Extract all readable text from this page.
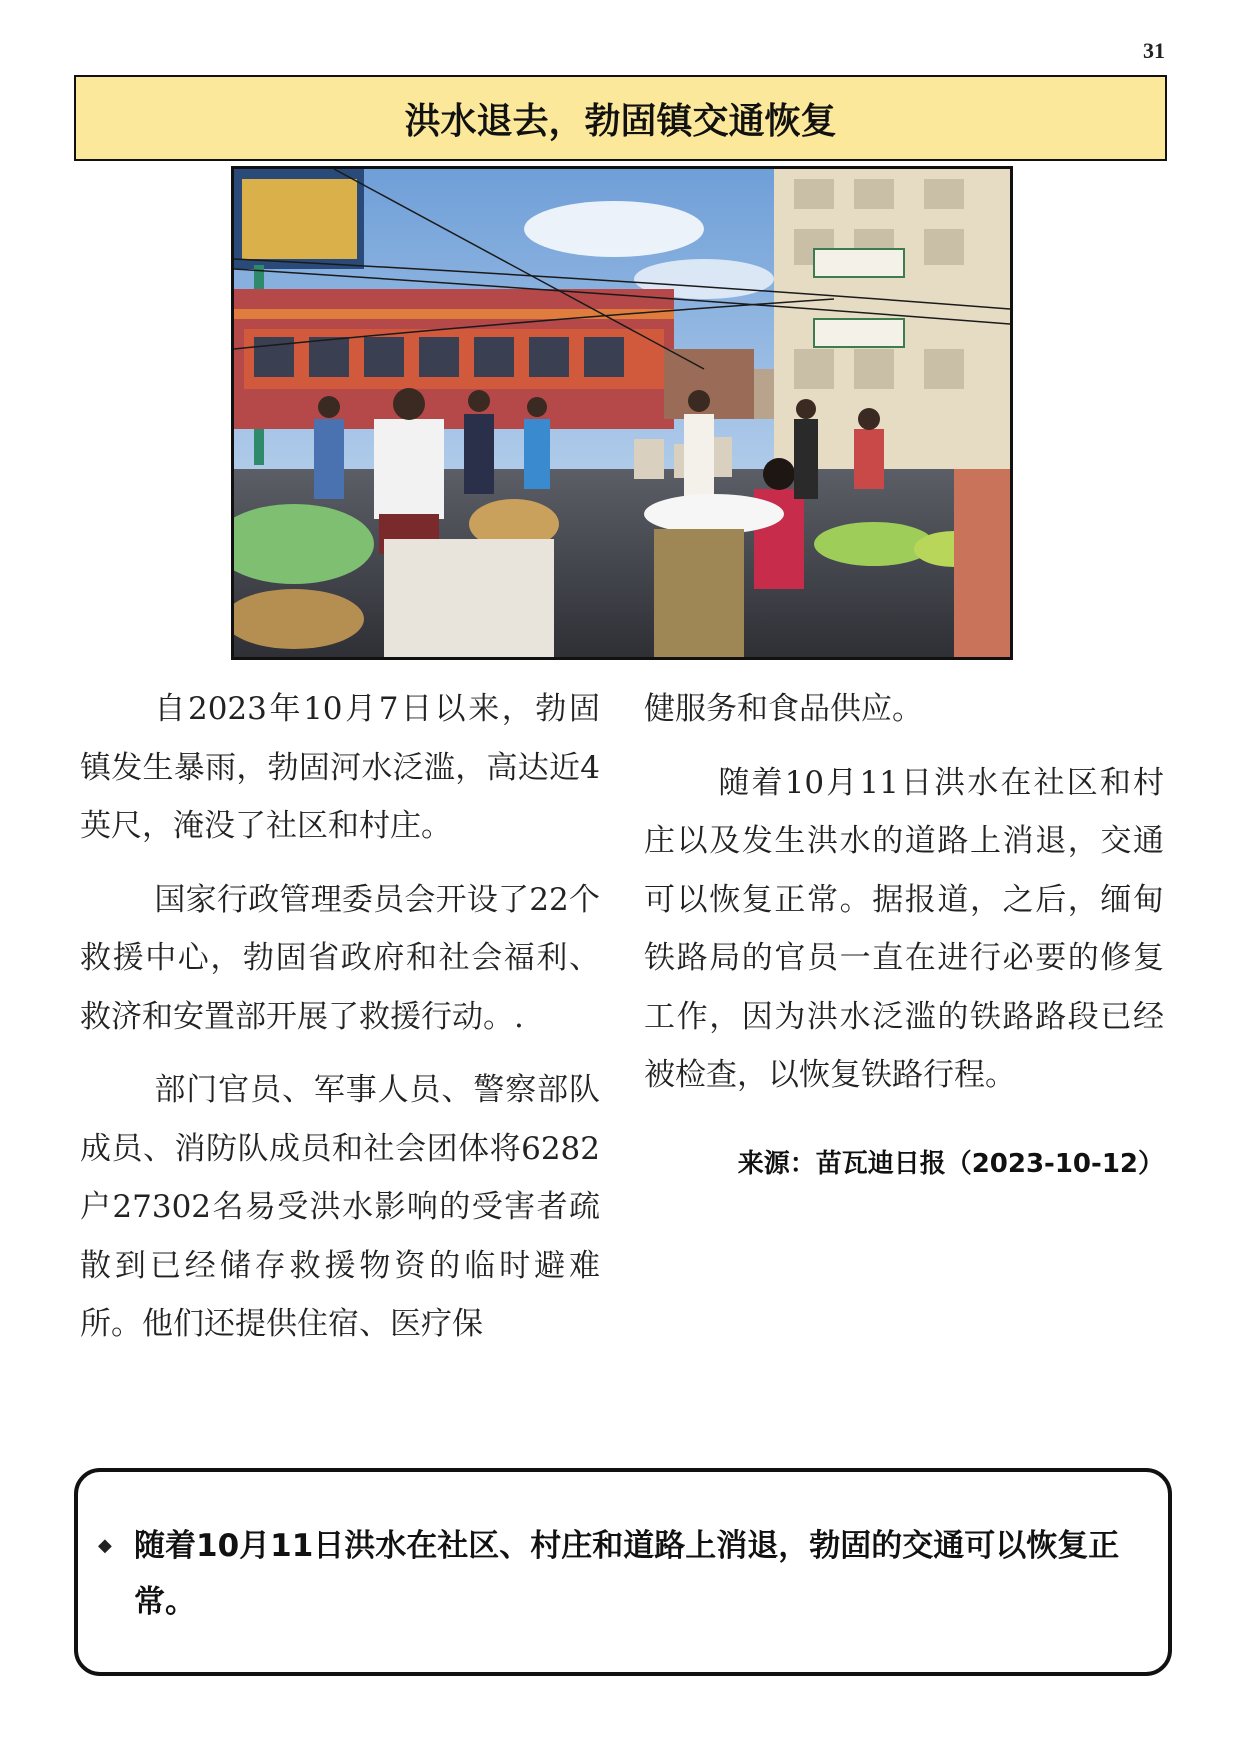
31
洪水退去，勃固镇交通恢复

自2023年10月7日以来，勃固镇发生暴雨，勃固河水泛滥，高达近4英尺，淹没了社区和村庄。

国家行政管理委员会开设了22个救援中心，勃固省政府和社会福利、救济和安置部开展了救援行动。.

部门官员、军事人员、警察部队成员、消防队成员和社会团体将6282户27302名易受洪水影响的受害者疏散到已经储存救援物资的临时避难所。他们还提供住宿、医疗保

健服务和食品供应。

随着10月11日洪水在社区和村庄以及发生洪水的道路上消退，交通可以恢复正常。据报道，之后，缅甸铁路局的官员一直在进行必要的修复工作，因为洪水泛滥的铁路路段已经被检查，以恢复铁路行程。

来源：苗瓦迪日报（2023-10-12）
◆ 随着10月11日洪水在社区、村庄和道路上消退，勃固的交通可以恢复正常。
